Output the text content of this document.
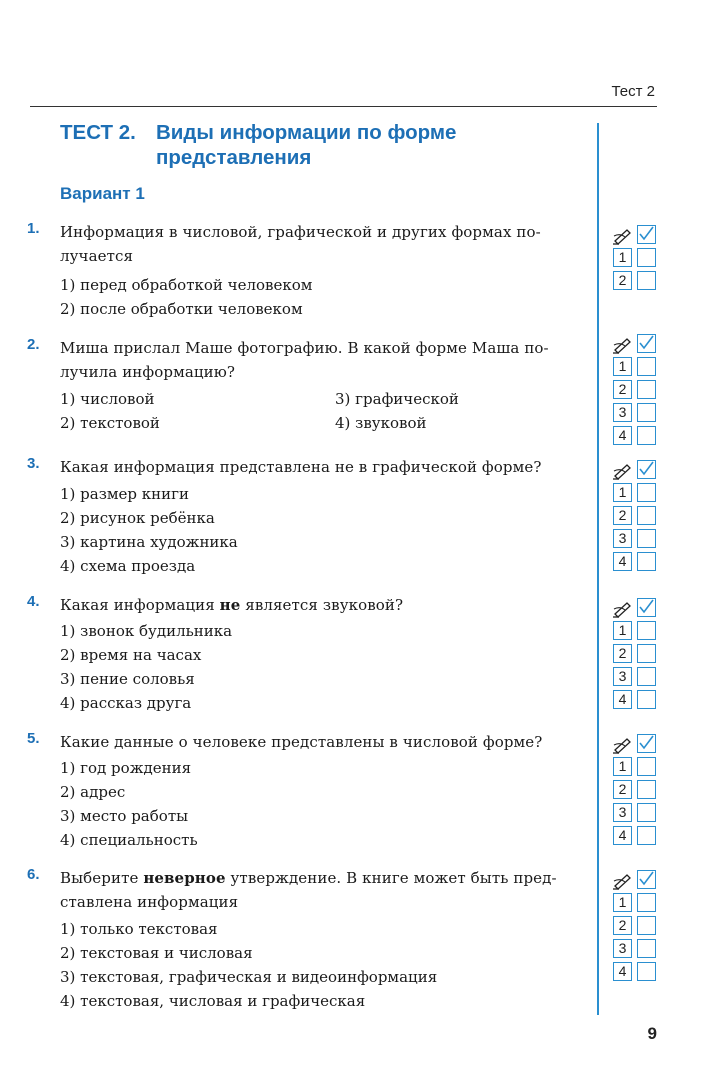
Тест 2
ТЕСТ 2. Виды информации по форме
представления
Вариант 1
1. Информация в числовой, графической и других формах по-
лучается
1) перед обработкой человеком
2) после обработки человеком
1
2
2. Миша прислал Маше фотографию. В какой форме Маша по-
лучила информацию?
1) числовой
2) текстовой
3) графической
4) звуковой
1
2
3
4
3. Какая информация представлена не в графической форме?
1) размер книги
2) рисунок ребёнка
3) картина художника
4) схема проезда
1
2
3
4
4. Какая информация не является звуковой?
1) звонок будильника
2) время на часах
3) пение соловья
4) рассказ друга
1
2
3
4
5. Какие данные о человеке представлены в числовой форме?
1) год рождения
2) адрес
3) место работы
4) специальность
1
2
3
4
6. Выберите неверное утверждение. В книге может быть пред-
ставлена информация
1) только текстовая
2) текстовая и числовая
3) текстовая, графическая и видеоинформация
4) текстовая, числовая и графическая
1
2
3
4
9
